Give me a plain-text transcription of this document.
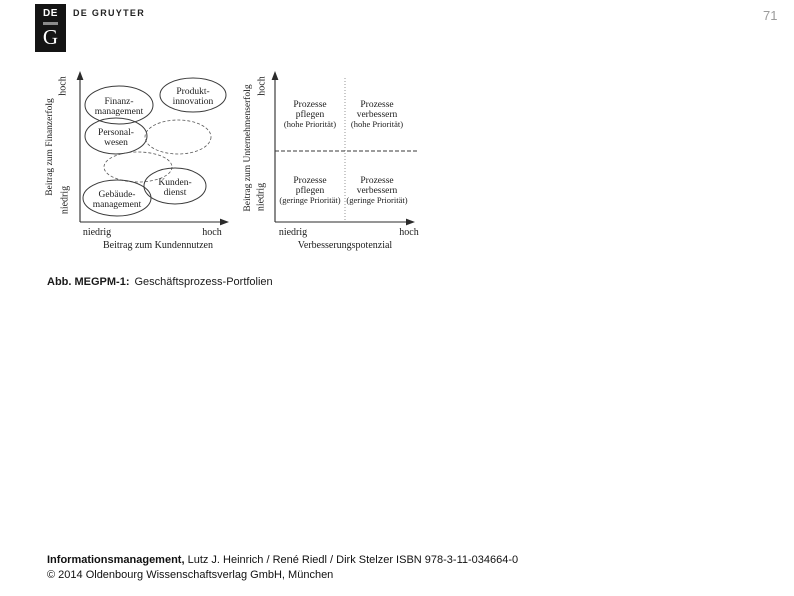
DE
G
DE GRUYTER	71
hoch
niedrig
Beitrag zum Finanzerfolg
niedrig	hoch
Beitrag zum Kundennutzen
Finanz-
management
Produkt-
innovation
Personal-
wesen
Kunden-
dienst
Gebäude-
management
hoch
niedrig
Beitrag zum Unternehmenserfolg
niedrig	hoch
Verbesserungspotenzial
Prozesse
pflegen
(hohe Priorität)
Prozesse
verbessern
(hohe Priorität)
Prozesse
pflegen
(geringe Priorität)
Prozesse
verbessern
(geringe Priorität)
Abb. MEGPM-1: Geschäftsprozess-Portfolien
Informationsmanagement, Lutz J. Heinrich / René Riedl / Dirk Stelzer ISBN 978-3-11-034664-0
© 2014 Oldenbourg Wissenschaftsverlag GmbH, München
